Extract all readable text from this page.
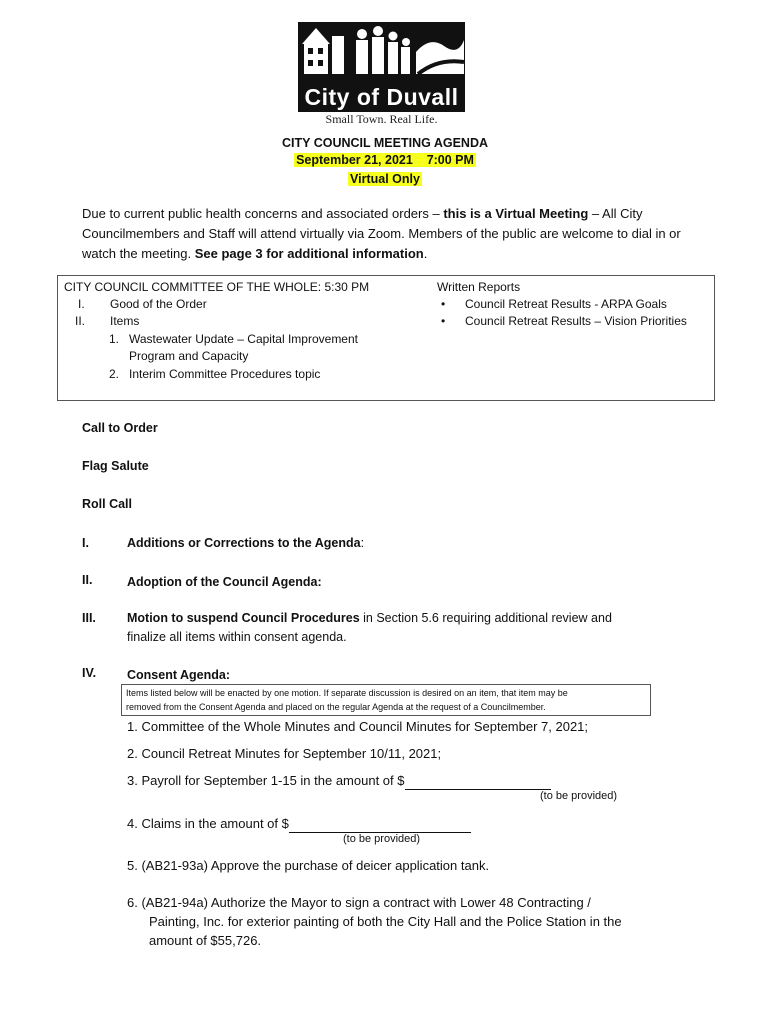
City of Duvall
Small Town. Real Life.
CITY COUNCIL MEETING AGENDA
September 21, 2021    7:00 PM
Virtual Only
Due to current public health concerns and associated orders – this is a Virtual Meeting – All City Councilmembers and Staff will attend virtually via Zoom. Members of the public are welcome to dial in or watch the meeting. See page 3 for additional information.
CITY COUNCIL COMMITTEE OF THE WHOLE: 5:30 PM
I. Good of the Order
II. Items
1. Wastewater Update – Capital Improvement
Program and Capacity
2. Interim Committee Procedures topic
Written Reports
• Council Retreat Results - ARPA Goals
• Council Retreat Results – Vision Priorities
Call to Order
Flag Salute
Roll Call
I.	Additions or Corrections to the Agenda:
II.	Adoption of the Council Agenda:
III. Motion to suspend Council Procedures in Section 5.6 requiring additional review and
finalize all items within consent agenda.
IV. Consent Agenda:
Items listed below will be enacted by one motion. If separate discussion is desired on an item, that item may be
removed from the Consent Agenda and placed on the regular Agenda at the request of a Councilmember.
1. Committee of the Whole Minutes and Council Minutes for September 7, 2021;
2. Council Retreat Minutes for September 10/11, 2021;
3. Payroll for September 1-15 in the amount of $
(to be provided)
4. Claims in the amount of $
(to be provided)
5. (AB21-93a) Approve the purchase of deicer application tank.
6. (AB21-94a) Authorize the Mayor to sign a contract with Lower 48 Contracting /
Painting, Inc. for exterior painting of both the City Hall and the Police Station in the
amount of $55,726.
